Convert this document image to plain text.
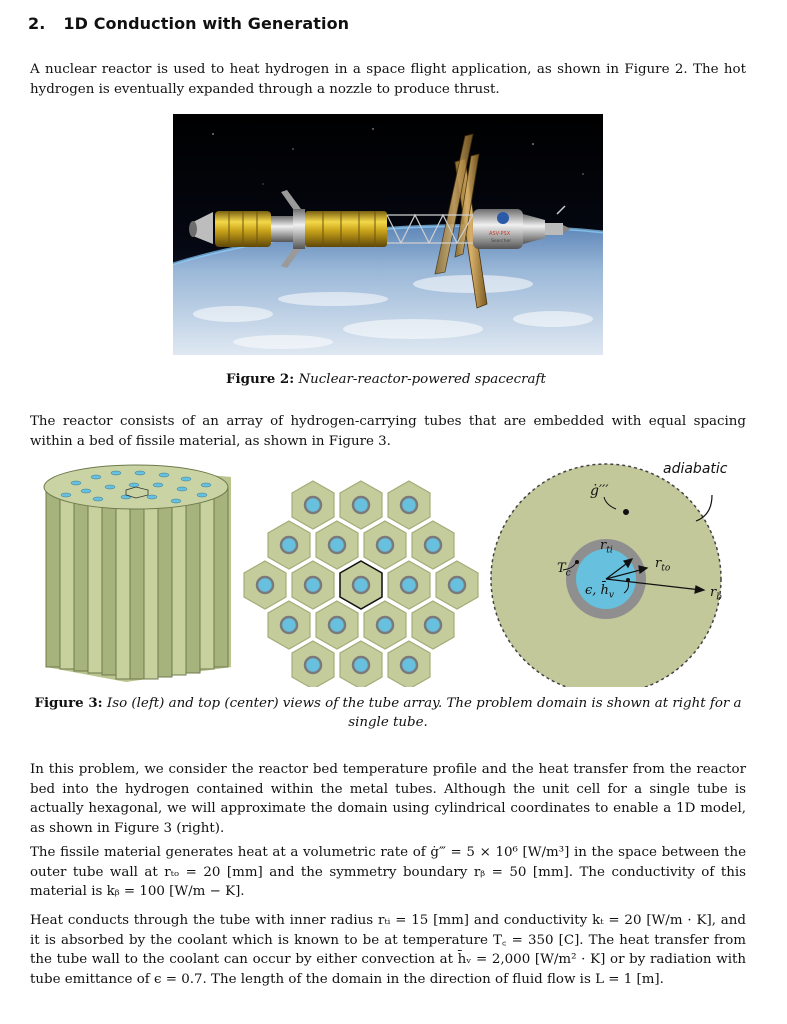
2. 1D Conduction with Generation
A nuclear reactor is used to heat hydrogen in a space flight application, as shown in Figure 2. The hot hydrogen is eventually expanded through a nozzle to produce thrust.
ASV-PSX
Searcher
Figure 2: Nuclear-reactor-powered spacecraft
The reactor consists of an array of hydrogen-carrying tubes that are embedded with equal spacing within a bed of fissile material, as shown in Figure 3.
adiabatic
ġ′′′
$r_{ti}$
$r_{to}$
$r_b$
$T_c$
ϵ, $h̄_v$
Figure 3: Iso (left) and top (center) views of the tube array. The problem domain is shown at right for a single tube.
In this problem, we consider the reactor bed temperature profile and the heat transfer from the reactor bed into the hydrogen contained within the metal tubes. Although the unit cell for a single tube is actually hexagonal, we will approximate the domain using cylindrical coordinates to enable a 1D model, as shown in Figure 3 (right).
The fissile material generates heat at a volumetric rate of ġ‴ = 5 × 10⁶ [W/m³] in the space between the outer tube wall at rₜₒ = 20 [mm] and the symmetry boundary rᵦ = 50 [mm]. The conductivity of this material is kᵦ = 100 [W/m − K].
Heat conducts through the tube with inner radius rₜᵢ = 15 [mm] and conductivity kₜ = 20 [W/m · K], and it is absorbed by the coolant which is known to be at temperature T꜀ = 350 [C]. The heat transfer from the tube wall to the coolant can occur by either convection at h̄ᵥ = 2,000 [W/m² · K] or by radiation with tube emittance of ϵ = 0.7. The length of the domain in the direction of fluid flow is L = 1 [m].
